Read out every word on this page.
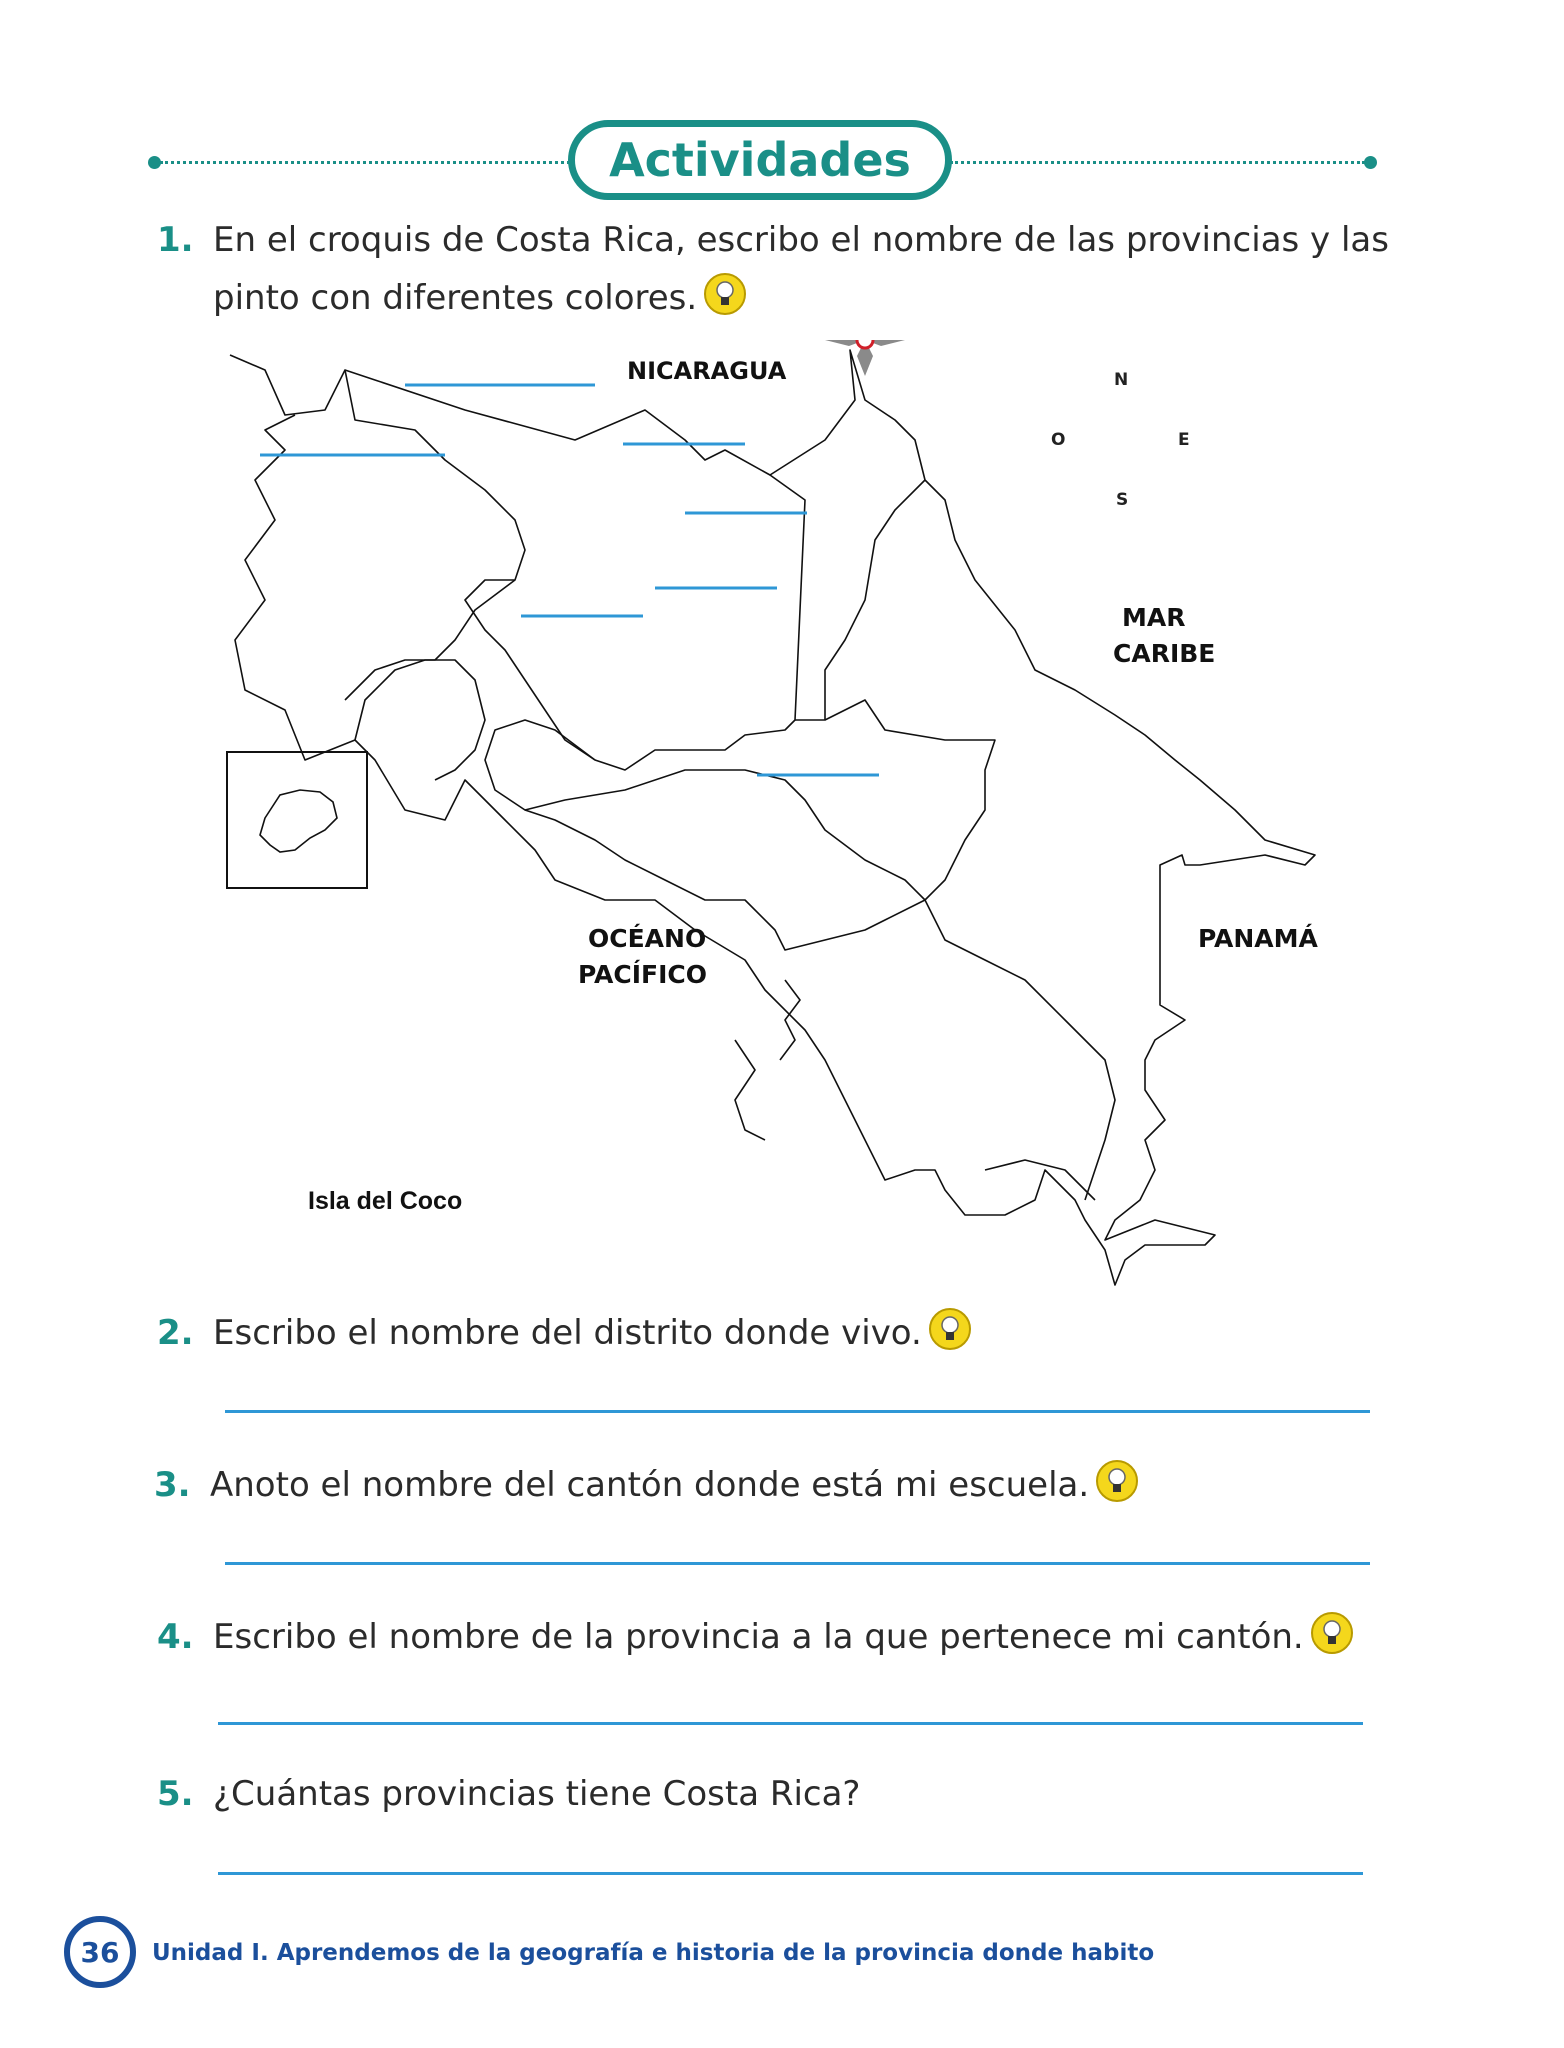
Actividades
1. En el croquis de Costa Rica, escribo el nombre de las provincias y las
pinto con diferentes colores.
NICARAGUA
MAR
CARIBE
OCÉANO
PACÍFICO
PANAMÁ
Isla del Coco
N
S
O	E
2. Escribo el nombre del distrito donde vivo.
3. Anoto el nombre del cantón donde está mi escuela.
4. Escribo el nombre de la provincia a la que pertenece mi cantón.
5. ¿Cuántas provincias tiene Costa Rica?
36 Unidad I. Aprendemos de la geografía e historia de la provincia donde habito
